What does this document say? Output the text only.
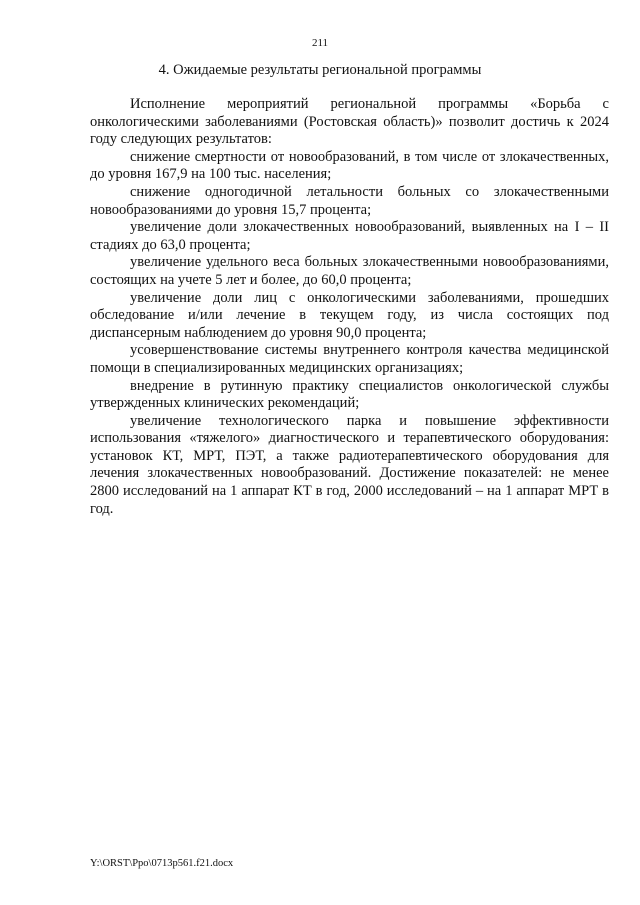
211
4. Ожидаемые результаты региональной программы

Исполнение мероприятий региональной программы «Борьба с онкологическими заболеваниями (Ростовская область)» позволит достичь к 2024 году следующих результатов:

снижение смертности от новообразований, в том числе от злокачественных, до уровня 167,9 на 100 тыс. населения;

снижение одногодичной летальности больных со злокачественными новообразованиями до уровня 15,7 процента;

увеличение доли злокачественных новообразований, выявленных на I – II стадиях до 63,0 процента;

увеличение удельного веса больных злокачественными новообразованиями, состоящих на учете 5 лет и более, до 60,0 процента;

увеличение доли лиц с онкологическими заболеваниями, прошедших обследование и/или лечение в текущем году, из числа состоящих под диспансерным наблюдением до уровня 90,0 процента;

усовершенствование системы внутреннего контроля качества медицинской помощи в специализированных медицинских организациях;

внедрение в рутинную практику специалистов онкологической службы утвержденных клинических рекомендаций;

увеличение технологического парка и повышение эффективности использования «тяжелого» диагностического и терапевтического оборудования: установок КТ, МРТ, ПЭТ, а также радиотерапевтического оборудования для лечения злокачественных новообразований. Достижение показателей: не менее 2800 исследований на 1 аппарат КТ в год, 2000 исследований – на 1 аппарат МРТ в год.

Y:\ORST\Ppo\0713p561.f21.docx
